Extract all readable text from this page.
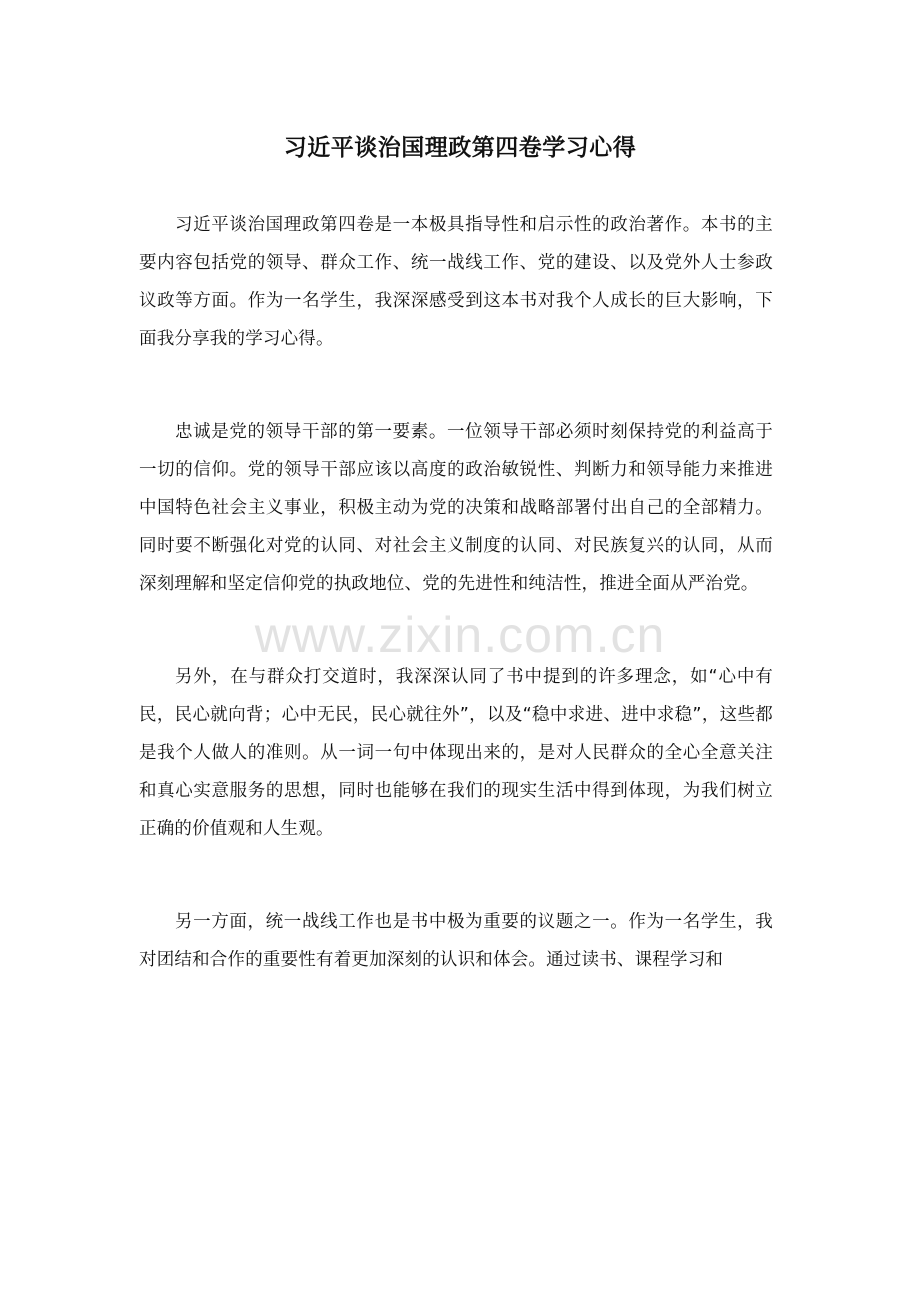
习近平谈治国理政第四卷学习心得

习近平谈治国理政第四卷是一本极具指导性和启示性的政治著作。本书的主要内容包括党的领导、群众工作、统一战线工作、党的建设、以及党外人士参政议政等方面。作为一名学生，我深深感受到这本书对我个人成长的巨大影响，下面我分享我的学习心得。

忠诚是党的领导干部的第一要素。一位领导干部必须时刻保持党的利益高于一切的信仰。党的领导干部应该以高度的政治敏锐性、判断力和领导能力来推进中国特色社会主义事业，积极主动为党的决策和战略部署付出自己的全部精力。同时要不断强化对党的认同、对社会主义制度的认同、对民族复兴的认同，从而深刻理解和坚定信仰党的执政地位、党的先进性和纯洁性，推进全面从严治党。

另外，在与群众打交道时，我深深认同了书中提到的许多理念，如“心中有民，民心就向背；心中无民，民心就往外”，以及“稳中求进、进中求稳”，这些都是我个人做人的准则。从一词一句中体现出来的，是对人民群众的全心全意关注和真心实意服务的思想，同时也能够在我们的现实生活中得到体现，为我们树立正确的价值观和人生观。

另一方面，统一战线工作也是书中极为重要的议题之一。作为一名学生，我对团结和合作的重要性有着更加深刻的认识和体会。通过读书、课程学习和

www.zixin.com.cn
